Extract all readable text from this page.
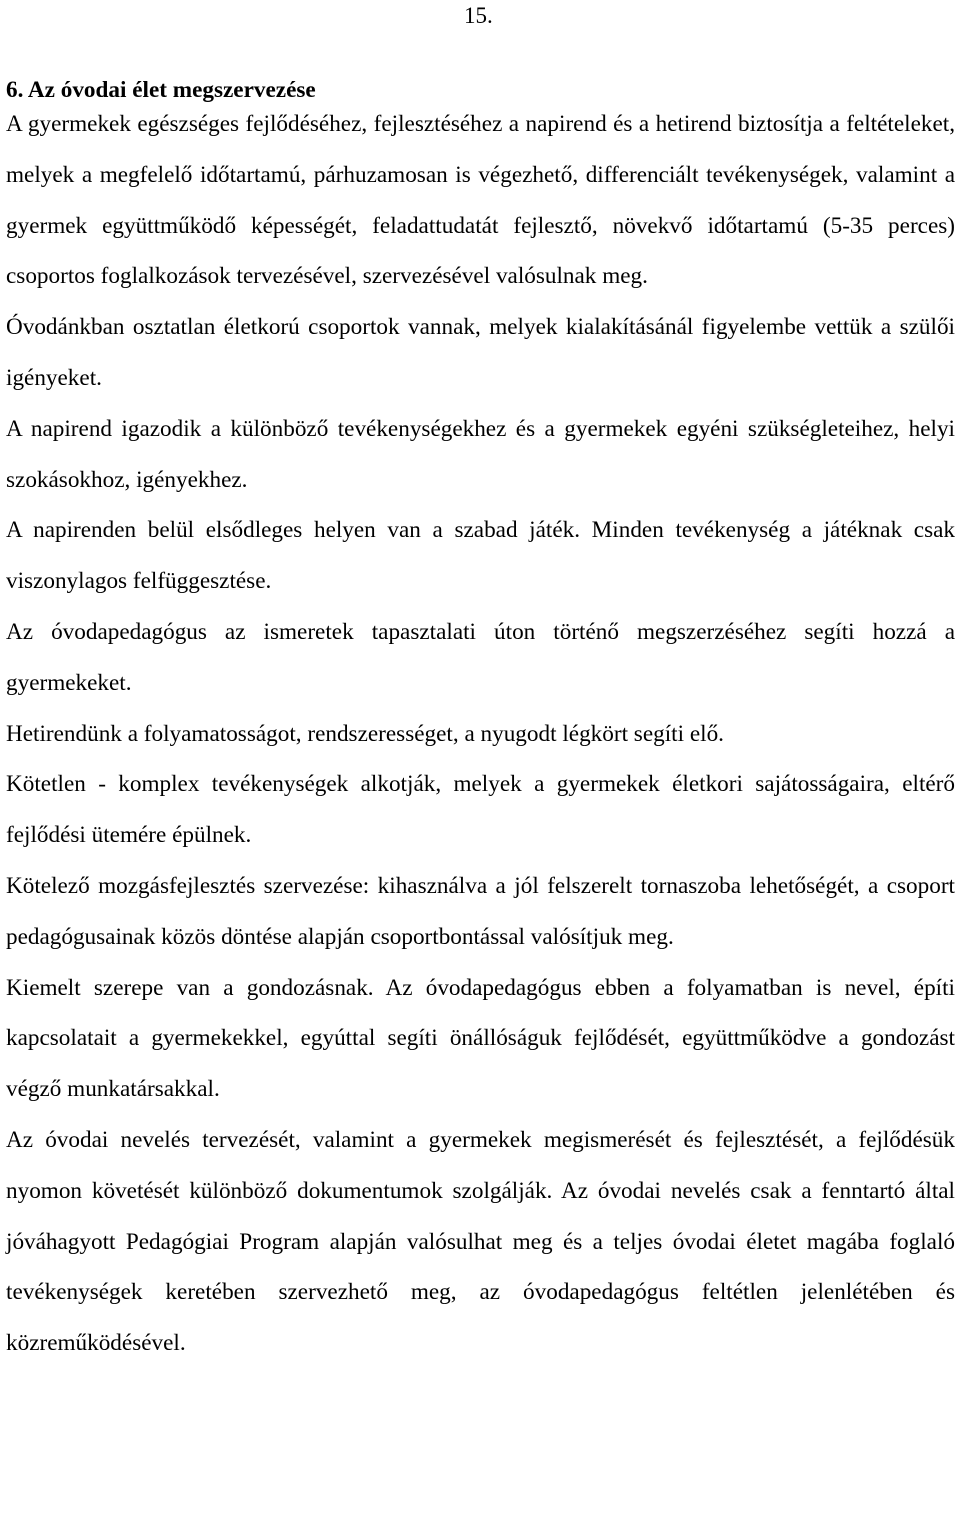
15.
6. Az óvodai élet megszervezése

A gyermekek egészséges fejlődéséhez, fejlesztéséhez a napirend és a hetirend biztosítja a feltételeket, melyek a megfelelő időtartamú, párhuzamosan is végezhető, differenciált tevékenységek, valamint a gyermek együttműködő képességét, feladattudatát fejlesztő, növekvő időtartamú (5-35 perces) csoportos foglalkozások tervezésével, szervezésével valósulnak meg.

Óvodánkban osztatlan életkorú csoportok vannak, melyek kialakításánál figyelembe vettük a szülői igényeket.

A napirend igazodik a különböző tevékenységekhez és a gyermekek egyéni szükségleteihez, helyi szokásokhoz, igényekhez.

A napirenden belül elsődleges helyen van a szabad játék. Minden tevékenység a játéknak csak viszonylagos felfüggesztése.

Az óvodapedagógus az ismeretek tapasztalati úton történő megszerzéséhez segíti hozzá a gyermekeket.

Hetirendünk a folyamatosságot, rendszerességet, a nyugodt légkört segíti elő.

Kötetlen - komplex tevékenységek alkotják, melyek a gyermekek életkori sajátosságaira, eltérő fejlődési ütemére épülnek.

Kötelező mozgásfejlesztés szervezése: kihasználva a jól felszerelt tornaszoba lehetőségét, a csoport pedagógusainak közös döntése alapján csoportbontással valósítjuk meg.

Kiemelt szerepe van a gondozásnak. Az óvodapedagógus ebben a folyamatban is nevel, építi kapcsolatait a gyermekekkel, egyúttal segíti önállóságuk fejlődését, együttműködve a gondozást végző munkatársakkal.

Az óvodai nevelés tervezését, valamint a gyermekek megismerését és fejlesztését, a fejlődésük nyomon követését különböző dokumentumok szolgálják. Az óvodai nevelés csak a fenntartó által jóváhagyott Pedagógiai Program alapján valósulhat meg és a teljes óvodai életet magába foglaló tevékenységek keretében szervezhető meg, az óvodapedagógus feltétlen jelenlétében és közreműködésével.
